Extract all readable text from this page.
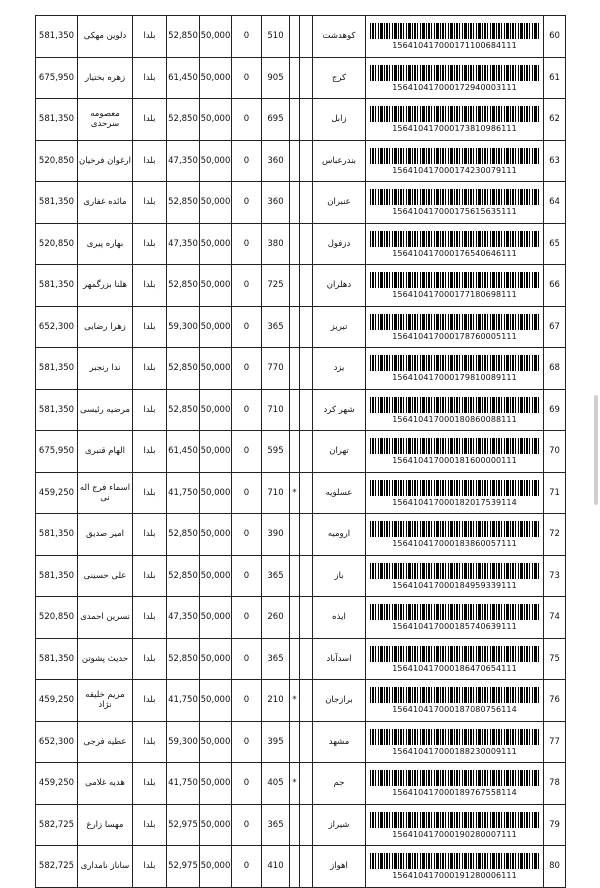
581,350	دلوین مهکی	بلدا	52,850	50,000	0	510			کوهدشت	156410417000171100684111	60
675,950	زهره بختیار	بلدا	61,450	50,000	0	905			کرج	156410417000172940003111	61
581,350	معصومه سرحدی	بلدا	52,850	50,000	0	695			زابل	156410417000173810986111	62
520,850	ارغوان فرخیان	بلدا	47,350	50,000	0	360			بندرعباس	156410417000174230079111	63
581,350	مائده غفاری	بلدا	52,850	50,000	0	360			عنبران	156410417000175615635111	64
520,850	بهاره پیری	بلدا	47,350	50,000	0	380			دزفول	156410417000176540646111	65
581,350	هلنا بزرگمهر	بلدا	52,850	50,000	0	725			دهلران	156410417000177180698111	66
652,300	زهرا رضایی	بلدا	59,300	50,000	0	365			تبریز	156410417000178760005111	67
581,350	ندا رنجبر	بلدا	52,850	50,000	0	770			یزد	156410417000179810089111	68
581,350	مرضیه رئیسی	بلدا	52,850	50,000	0	710			شهر کرد	156410417000180860088111	69
675,950	الهام قنبری	بلدا	61,450	50,000	0	595			تهران	156410417000181600000111	70
459,250	اسماء فرج اله نی	بلدا	41,750	50,000	0	710	*		عسلویه	156410417000182017539114	71
581,350	امیر صدیق	بلدا	52,850	50,000	0	390			ارومیه	156410417000183860057111	72
581,350	علی حسینی	بلدا	52,850	50,000	0	365			باز	156410417000184959339111	73
520,850	نسرین احمدی	بلدا	47,350	50,000	0	260			ایذه	156410417000185740639111	74
581,350	حدیث پشوتن	بلدا	52,850	50,000	0	365			اسدآباد	156410417000186470654111	75
459,250	مریم خلیفه نژاد	بلدا	41,750	50,000	0	210	*		برازجان	156410417000187080756114	76
652,300	عطیه فرجی	بلدا	59,300	50,000	0	395			مشهد	156410417000188230009111	77
459,250	هدیه غلامی	بلدا	41,750	50,000	0	405	*		جم	156410417000189767558114	78
582,725	مهسا زارع	بلدا	52,975	50,000	0	365			شیراز	156410417000190280007111	79
582,725	ساناز نامداری	بلدا	52,975	50,000	0	410			اهواز	156410417000191280006111	80
